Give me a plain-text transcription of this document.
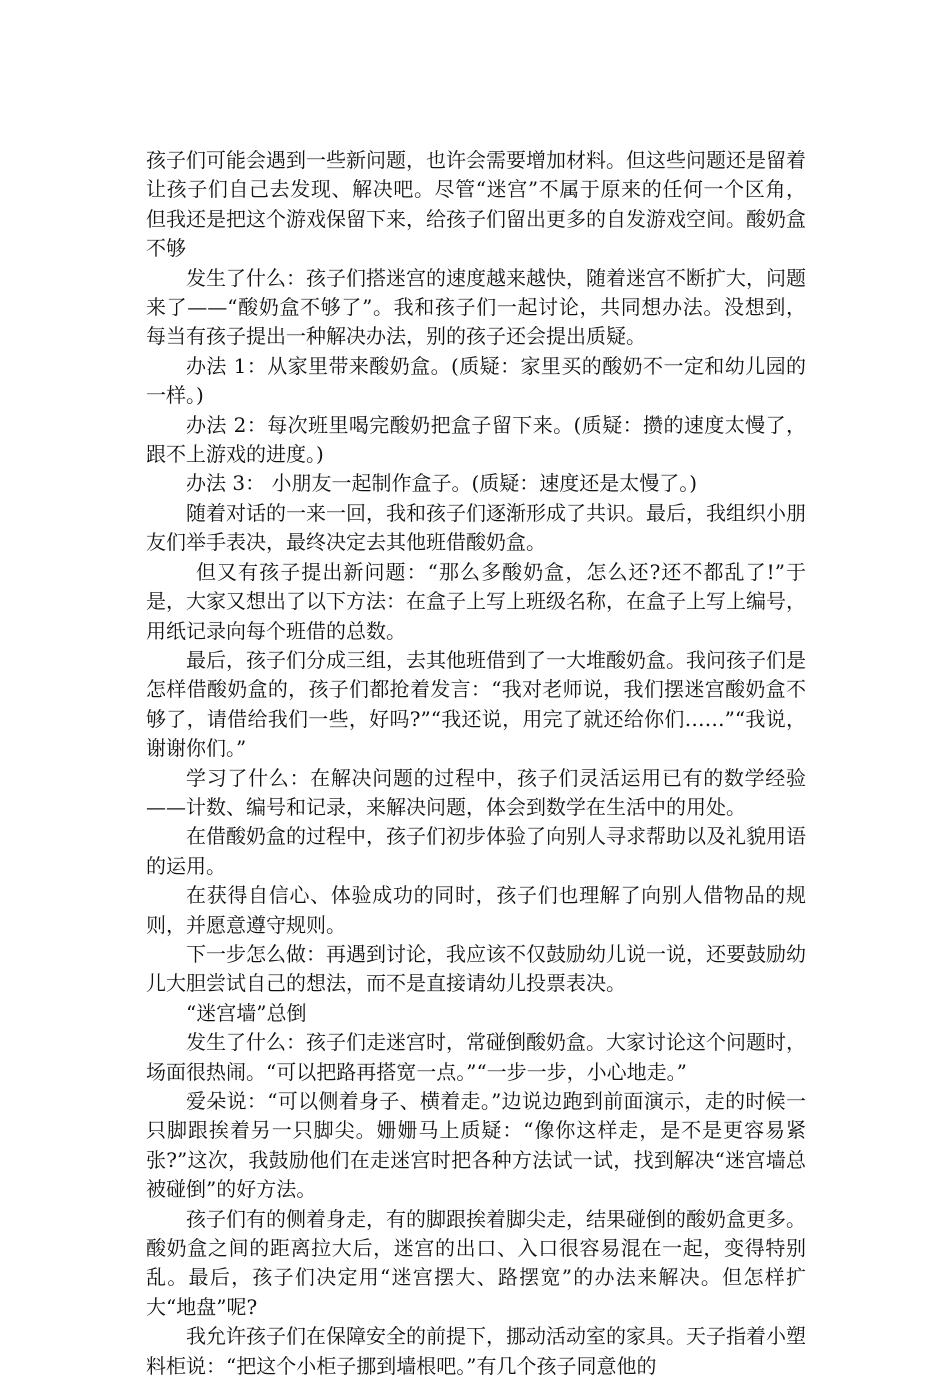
孩子们可能会遇到一些新问题，也许会需要增加材料。但这些问题还是留着让孩子们自己去发现、解决吧。尽管“迷宫”不属于原来的任何一个区角，但我还是把这个游戏保留下来，给孩子们留出更多的自发游戏空间。酸奶盒不够

发生了什么：孩子们搭迷宫的速度越来越快，随着迷宫不断扩大，问题来了——“酸奶盒不够了”。我和孩子们一起讨论，共同想办法。没想到，每当有孩子提出一种解决办法，别的孩子还会提出质疑。

办法 1：从家里带来酸奶盒。(质疑：家里买的酸奶不一定和幼儿园的一样。)

办法 2：每次班里喝完酸奶把盒子留下来。(质疑：攒的速度太慢了，跟不上游戏的进度。)

办法 3： 小朋友一起制作盒子。(质疑：速度还是太慢了。)

随着对话的一来一回，我和孩子们逐渐形成了共识。最后，我组织小朋友们举手表决，最终决定去其他班借酸奶盒。

但又有孩子提出新问题：“那么多酸奶盒，怎么还?还不都乱了!”于是，大家又想出了以下方法：在盒子上写上班级名称，在盒子上写上编号，用纸记录向每个班借的总数。

最后，孩子们分成三组，去其他班借到了一大堆酸奶盒。我问孩子们是怎样借酸奶盒的，孩子们都抢着发言：“我对老师说，我们摆迷宫酸奶盒不够了，请借给我们一些，好吗?”“我还说，用完了就还给你们……”“我说，谢谢你们。”

学习了什么：在解决问题的过程中，孩子们灵活运用已有的数学经验——计数、编号和记录，来解决问题，体会到数学在生活中的用处。

在借酸奶盒的过程中，孩子们初步体验了向别人寻求帮助以及礼貌用语的运用。

在获得自信心、体验成功的同时，孩子们也理解了向别人借物品的规则，并愿意遵守规则。

下一步怎么做：再遇到讨论，我应该不仅鼓励幼儿说一说，还要鼓励幼儿大胆尝试自己的想法，而不是直接请幼儿投票表决。

“迷宫墙”总倒

发生了什么：孩子们走迷宫时，常碰倒酸奶盒。大家讨论这个问题时，场面很热闹。“可以把路再搭宽一点。”“一步一步，小心地走。”

爱朵说：“可以侧着身子、横着走。”边说边跑到前面演示，走的时候一只脚跟挨着另一只脚尖。姗姗马上质疑：“像你这样走，是不是更容易紧张?”这次，我鼓励他们在走迷宫时把各种方法试一试，找到解决“迷宫墙总被碰倒”的好方法。

孩子们有的侧着身走，有的脚跟挨着脚尖走，结果碰倒的酸奶盒更多。酸奶盒之间的距离拉大后，迷宫的出口、入口很容易混在一起，变得特别乱。最后，孩子们决定用“迷宫摆大、路摆宽”的办法来解决。但怎样扩大“地盘”呢?

我允许孩子们在保障安全的前提下，挪动活动室的家具。天子指着小塑料柜说：“把这个小柜子挪到墙根吧。”有几个孩子同意他的
